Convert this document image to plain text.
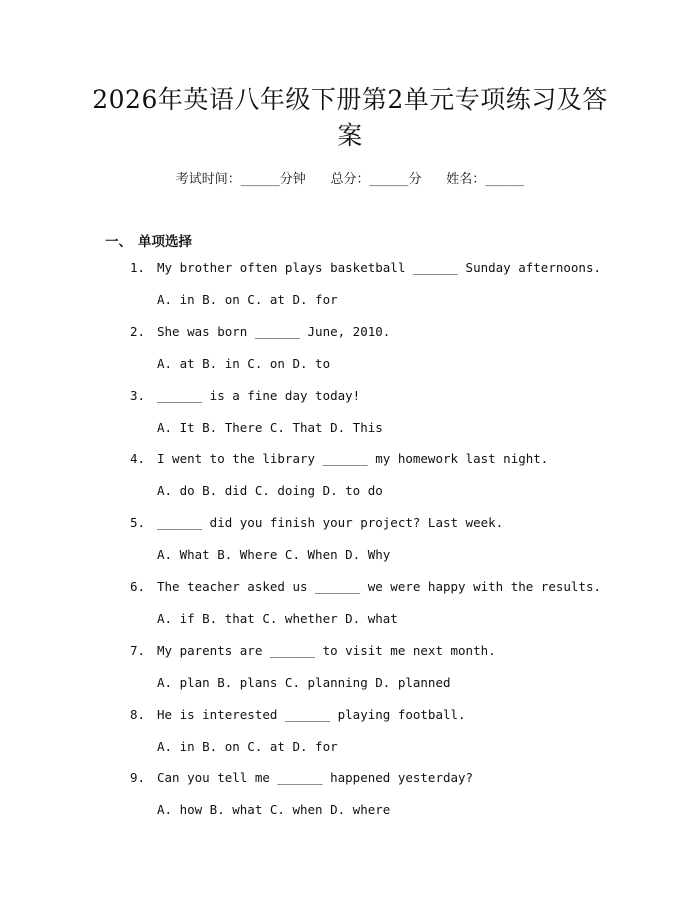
2026年英语八年级下册第2单元专项练习及答案
考试时间：______分钟      总分：______分      姓名：______
一、 单项选择
1. My brother often plays basketball ______ Sunday afternoons.
A. in B. on C. at D. for
2. She was born ______ June, 2010.
A. at B. in C. on D. to
3. ______ is a fine day today!
A. It B. There C. That D. This
4. I went to the library ______ my homework last night.
A. do B. did C. doing D. to do
5. ______ did you finish your project? Last week.
A. What B. Where C. When D. Why
6. The teacher asked us ______ we were happy with the results.
A. if B. that C. whether D. what
7. My parents are ______ to visit me next month.
A. plan B. plans C. planning D. planned
8. He is interested ______ playing football.
A. in B. on C. at D. for
9. Can you tell me ______ happened yesterday?
A. how B. what C. when D. where
